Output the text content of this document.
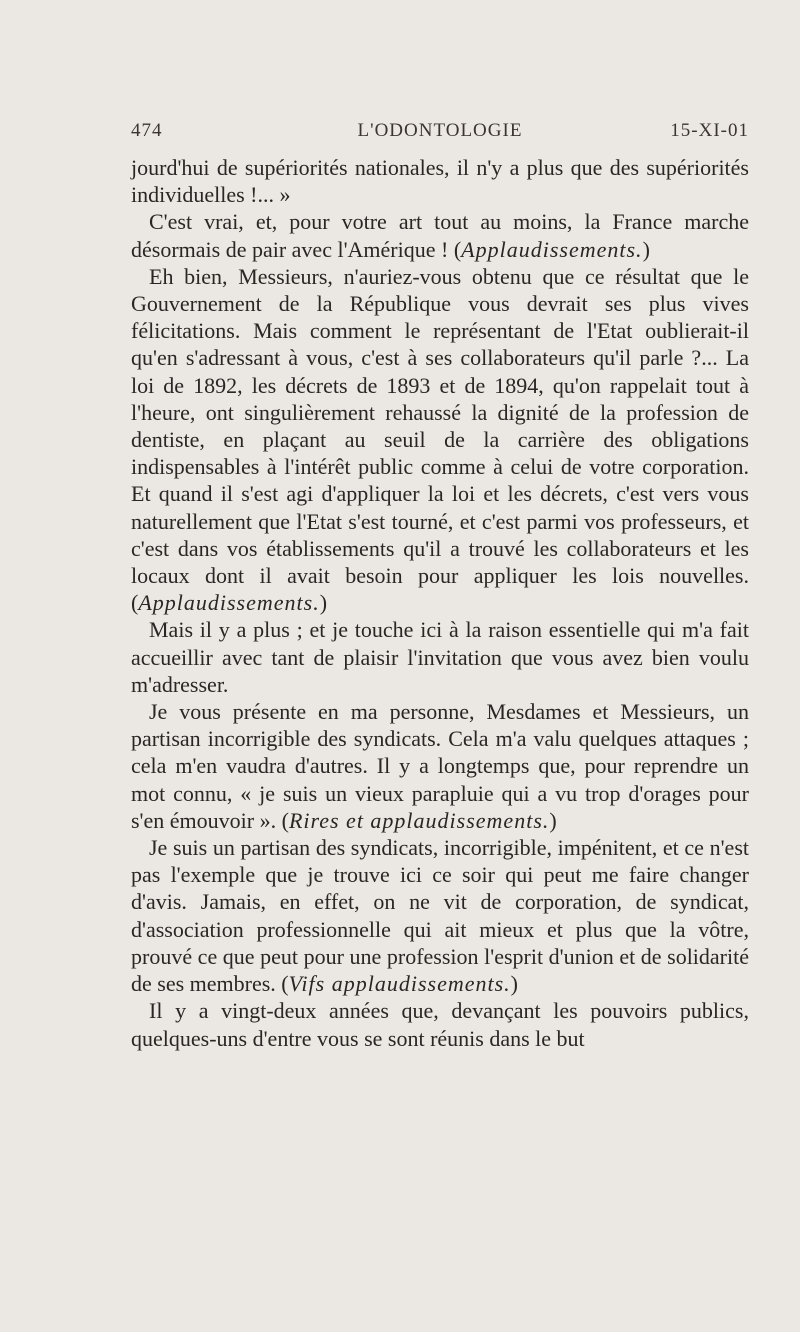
474	L'ODONTOLOGIE	15-XI-01

jourd'hui de supériorités nationales, il n'y a plus que des supériorités individuelles !... »

C'est vrai, et, pour votre art tout au moins, la France marche désormais de pair avec l'Amérique ! (Applaudissements.)

Eh bien, Messieurs, n'auriez-vous obtenu que ce résultat que le Gouvernement de la République vous devrait ses plus vives félicitations. Mais comment le représentant de l'Etat oublierait-il qu'en s'adressant à vous, c'est à ses collaborateurs qu'il parle ?... La loi de 1892, les décrets de 1893 et de 1894, qu'on rappelait tout à l'heure, ont singulièrement rehaussé la dignité de la profession de dentiste, en plaçant au seuil de la carrière des obligations indispensables à l'intérêt public comme à celui de votre corporation. Et quand il s'est agi d'appliquer la loi et les décrets, c'est vers vous naturellement que l'Etat s'est tourné, et c'est parmi vos professeurs, et c'est dans vos établissements qu'il a trouvé les collaborateurs et les locaux dont il avait besoin pour appliquer les lois nouvelles. (Applaudissements.)

Mais il y a plus ; et je touche ici à la raison essentielle qui m'a fait accueillir avec tant de plaisir l'invitation que vous avez bien voulu m'adresser.

Je vous présente en ma personne, Mesdames et Messieurs, un partisan incorrigible des syndicats. Cela m'a valu quelques attaques ; cela m'en vaudra d'autres. Il y a longtemps que, pour reprendre un mot connu, « je suis un vieux parapluie qui a vu trop d'orages pour s'en émouvoir ». (Rires et applaudissements.)

Je suis un partisan des syndicats, incorrigible, impénitent, et ce n'est pas l'exemple que je trouve ici ce soir qui peut me faire changer d'avis. Jamais, en effet, on ne vit de corporation, de syndicat, d'association professionnelle qui ait mieux et plus que la vôtre, prouvé ce que peut pour une profession l'esprit d'union et de solidarité de ses membres. (Vifs applaudissements.)

Il y a vingt-deux années que, devançant les pouvoirs publics, quelques-uns d'entre vous se sont réunis dans le but
